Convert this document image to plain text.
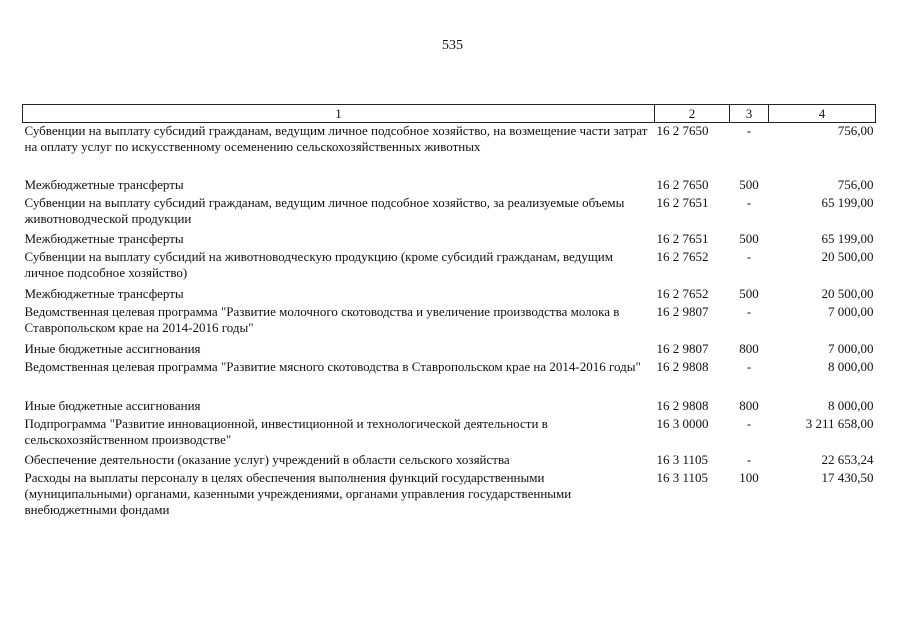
535
1	2	3	4
Субвенции на выплату субсидий гражданам, ведущим личное подсобное хозяйство, на возмещение части затрат на оплату услуг по искусственному осеменению сельскохозяйственных животных	16 2 7650	-	756,00
Межбюджетные трансферты	16 2 7650	500	756,00
Субвенции на выплату субсидий гражданам, ведущим личное подсобное хозяйство, за реализуемые объемы животноводческой продукции	16 2 7651	-	65 199,00
Межбюджетные трансферты	16 2 7651	500	65 199,00
Субвенции на выплату субсидий на животноводческую продукцию (кроме субсидий гражданам, ведущим личное подсобное хозяйство)	16 2 7652	-	20 500,00
Межбюджетные трансферты	16 2 7652	500	20 500,00
Ведомственная целевая программа "Развитие молочного скотоводства и увеличение производства молока в Ставропольском крае на 2014-2016 годы"	16 2 9807	-	7 000,00
Иные бюджетные ассигнования	16 2 9807	800	7 000,00
Ведомственная целевая программа "Развитие мясного скотоводства в Ставропольском крае на 2014-2016 годы"	16 2 9808	-	8 000,00
Иные бюджетные ассигнования	16 2 9808	800	8 000,00
Подпрограмма "Развитие инновационной, инвестиционной и технологической деятельности в сельскохозяйственном производстве"	16 3 0000	-	3 211 658,00
Обеспечение деятельности (оказание услуг) учреждений в области сельского хозяйства	16 3 1105	-	22 653,24
Расходы на выплаты персоналу в целях обеспечения выполнения функций государственными (муниципальными) органами, казенными учреждениями, органами управления государственными внебюджетными фондами	16 3 1105	100	17 430,50
